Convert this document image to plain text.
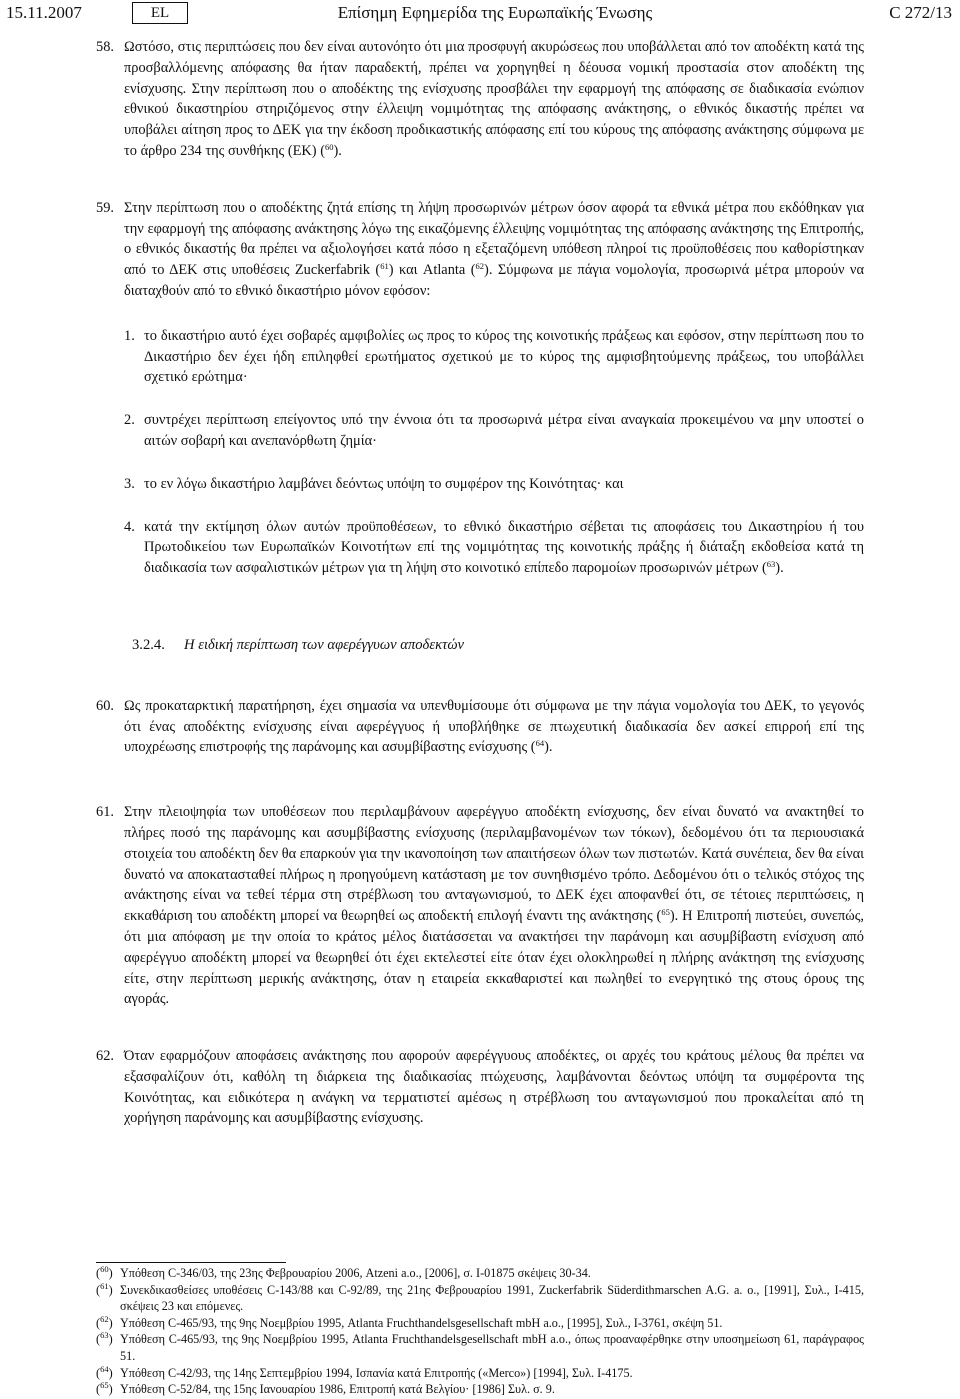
15.11.2007	EL	Επίσημη Εφημερίδα της Ευρωπαϊκής Ένωσης	C 272/13
58. Ωστόσο, στις περιπτώσεις που δεν είναι αυτονόητο ότι μια προσφυγή ακυρώσεως που υποβάλλεται από τον αποδέκτη κατά της προσβαλλόμενης απόφασης θα ήταν παραδεκτή, πρέπει να χορηγηθεί η δέουσα νομική προστασία στον αποδέκτη της ενίσχυσης. Στην περίπτωση που ο αποδέκτης της ενίσχυσης προσβάλει την εφαρμογή της απόφασης σε διαδικασία ενώπιον εθνικού δικαστηρίου στηριζόμενος στην έλλειψη νομιμότητας της απόφασης ανάκτησης, ο εθνικός δικαστής πρέπει να υποβάλει αίτηση προς το ΔΕΚ για την έκδοση προδικαστικής απόφασης επί του κύρους της απόφασης ανάκτησης σύμφωνα με το άρθρο 234 της συνθήκης (ΕΚ) ($^{60}$).
59. Στην περίπτωση που ο αποδέκτης ζητά επίσης τη λήψη προσωρινών μέτρων όσον αφορά τα εθνικά μέτρα που εκδόθηκαν για την εφαρμογή της απόφασης ανάκτησης λόγω της εικαζόμενης έλλειψης νομιμότητας της απόφασης ανάκτησης της Επιτροπής, ο εθνικός δικαστής θα πρέπει να αξιολογήσει κατά πόσο η εξεταζόμενη υπόθεση πληροί τις προϋποθέσεις που καθορίστηκαν από το ΔΕΚ στις υποθέσεις Zuckerfabrik ($^{61}$) και Atlanta ($^{62}$). Σύμφωνα με πάγια νομολογία, προσωρινά μέτρα μπορούν να διαταχθούν από το εθνικό δικαστήριο μόνον εφόσον:
1. το δικαστήριο αυτό έχει σοβαρές αμφιβολίες ως προς το κύρος της κοινοτικής πράξεως και εφόσον, στην περίπτωση που το Δικαστήριο δεν έχει ήδη επιληφθεί ερωτήματος σχετικού με το κύρος της αμφισβητούμενης πράξεως, του υποβάλλει σχετικό ερώτημα·
2. συντρέχει περίπτωση επείγοντος υπό την έννοια ότι τα προσωρινά μέτρα είναι αναγκαία προκειμένου να μην υποστεί ο αιτών σοβαρή και ανεπανόρθωτη ζημία·
3. το εν λόγω δικαστήριο λαμβάνει δεόντως υπόψη το συμφέρον της Κοινότητας· και
4. κατά την εκτίμηση όλων αυτών προϋποθέσεων, το εθνικό δικαστήριο σέβεται τις αποφάσεις του Δικαστηρίου ή του Πρωτοδικείου των Ευρωπαϊκών Κοινοτήτων επί της νομιμότητας της κοινοτικής πράξης ή διάταξη εκδοθείσα κατά τη διαδικασία των ασφαλιστικών μέτρων για τη λήψη στο κοινοτικό επίπεδο παρομοίων προσωρινών μέτρων ($^{63}$).
3.2.4.	Η ειδική περίπτωση των αφερέγγυων αποδεκτών
60. Ως προκαταρκτική παρατήρηση, έχει σημασία να υπενθυμίσουμε ότι σύμφωνα με την πάγια νομολογία του ΔΕΚ, το γεγονός ότι ένας αποδέκτης ενίσχυσης είναι αφερέγγυος ή υποβλήθηκε σε πτωχευτική διαδικασία δεν ασκεί επιρροή επί της υποχρέωσης επιστροφής της παράνομης και ασυμβίβαστης ενίσχυσης ($^{64}$).
61. Στην πλειοψηφία των υποθέσεων που περιλαμβάνουν αφερέγγυο αποδέκτη ενίσχυσης, δεν είναι δυνατό να ανακτηθεί το πλήρες ποσό της παράνομης και ασυμβίβαστης ενίσχυσης (περιλαμβανομένων των τόκων), δεδομένου ότι τα περιουσιακά στοιχεία του αποδέκτη δεν θα επαρκούν για την ικανοποίηση των απαιτήσεων όλων των πιστωτών. Κατά συνέπεια, δεν θα είναι δυνατό να αποκατασταθεί πλήρως η προηγούμενη κατάσταση με τον συνηθισμένο τρόπο. Δεδομένου ότι ο τελικός στόχος της ανάκτησης είναι να τεθεί τέρμα στη στρέβλωση του ανταγωνισμού, το ΔΕΚ έχει αποφανθεί ότι, σε τέτοιες περιπτώσεις, η εκκαθάριση του αποδέκτη μπορεί να θεωρηθεί ως αποδεκτή επιλογή έναντι της ανάκτησης ($^{65}$). Η Επιτροπή πιστεύει, συνεπώς, ότι μια απόφαση με την οποία το κράτος μέλος διατάσσεται να ανακτήσει την παράνομη και ασυμβίβαστη ενίσχυση από αφερέγγυο αποδέκτη μπορεί να θεωρηθεί ότι έχει εκτελεστεί είτε όταν έχει ολοκληρωθεί η πλήρης ανάκτηση της ενίσχυσης είτε, στην περίπτωση μερικής ανάκτησης, όταν η εταιρεία εκκαθαριστεί και πωληθεί το ενεργητικό της στους όρους της αγοράς.
62. Όταν εφαρμόζουν αποφάσεις ανάκτησης που αφορούν αφερέγγυους αποδέκτες, οι αρχές του κράτους μέλους θα πρέπει να εξασφαλίζουν ότι, καθόλη τη διάρκεια της διαδικασίας πτώχευσης, λαμβάνονται δεόντως υπόψη τα συμφέροντα της Κοινότητας, και ειδικότερα η ανάγκη να τερματιστεί αμέσως η στρέβλωση του ανταγωνισμού που προκαλείται από τη χορήγηση παράνομης και ασυμβίβαστης ενίσχυσης.
($^{60}$) Υπόθεση C-346/03, της 23ης Φεβρουαρίου 2006, Atzeni a.o., [2006], σ. I-01875 σκέψεις 30-34.
($^{61}$) Συνεκδικασθείσες υποθέσεις C-143/88 και C-92/89, της 21ης Φεβρουαρίου 1991, Zuckerfabrik Süderdithmarschen A.G. a. o., [1991], Συλ., I-415, σκέψεις 23 και επόμενες.
($^{62}$) Υπόθεση C-465/93, της 9ης Νοεμβρίου 1995, Atlanta Fruchthandelsgesellschaft mbH a.o., [1995], Συλ., I-3761, σκέψη 51.
($^{63}$) Υπόθεση C-465/93, της 9ης Νοεμβρίου 1995, Atlanta Fruchthandelsgesellschaft mbH a.o., όπως προαναφέρθηκε στην υποσημείωση 61, παράγραφος 51.
($^{64}$) Υπόθεση C-42/93, της 14ης Σεπτεμβρίου 1994, Ισπανία κατά Επιτροπής («Merco») [1994], Συλ. I-4175.
($^{65}$) Υπόθεση C-52/84, της 15ης Ιανουαρίου 1986, Επιτροπή κατά Βελγίου· [1986] Συλ. σ. 9.
